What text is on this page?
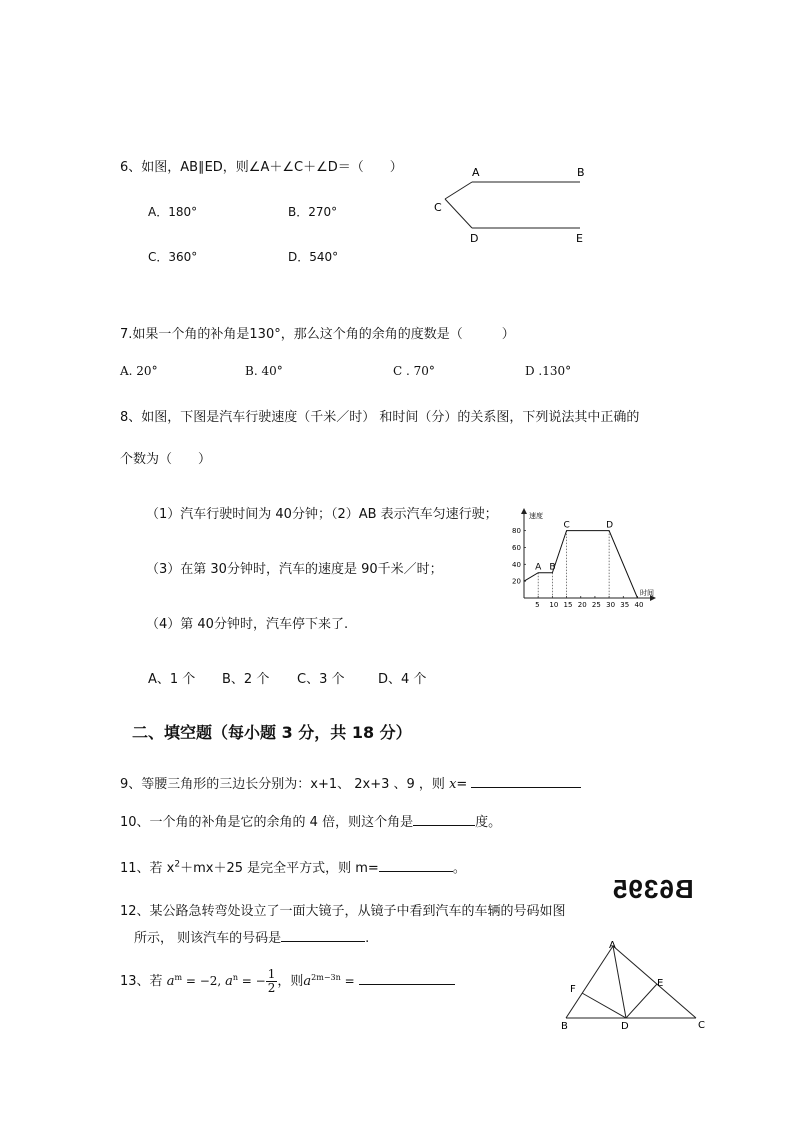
6、如图，AB∥ED，则∠A＋∠C＋∠D＝（　　）
A．180°	B．270°
C．360°	D．540°
A	B
C
D	E
7.如果一个角的补角是130°，那么这个角的余角的度数是（　　　）
A. 20°	B. 40°	C . 70°	D .130°
8、如图，下图是汽车行驶速度（千米／时） 和时间（分）的关系图，下列说法其中正确的
个数为（　　）
（1）汽车行驶时间为 40分钟；（2）AB 表示汽车匀速行驶；
（3）在第 30分钟时，汽车的速度是 90千米／时；
（4）第 40分钟时，汽车停下来了.
A、1 个 B、2 个 C、3 个	D、4 个
时间
速度
5 10 15 20 25 30 35 40
20
40
60
80
A B
C	D
二、填空题（每小题 3 分，共 18 分）
9、等腰三角形的三边长分别为：x+1、 2x+3 、9 ，则 x=
10、一个角的补角是它的余角的 4 倍，则这个角是	度。
11、若 $x^2+mx+25$ 是完全平方式，则 m=	。
B6395
12、某公路急转弯处设立了一面大镜子，从镜子中看到汽车的车辆的号码如图
所示， 则该汽车的号码是	.
13、若 $a^m = -2$, $a^n$ = − $\frac{1}{2}$ ，则$a^{2m-3n}$ =
A
B	C
D
E
F
